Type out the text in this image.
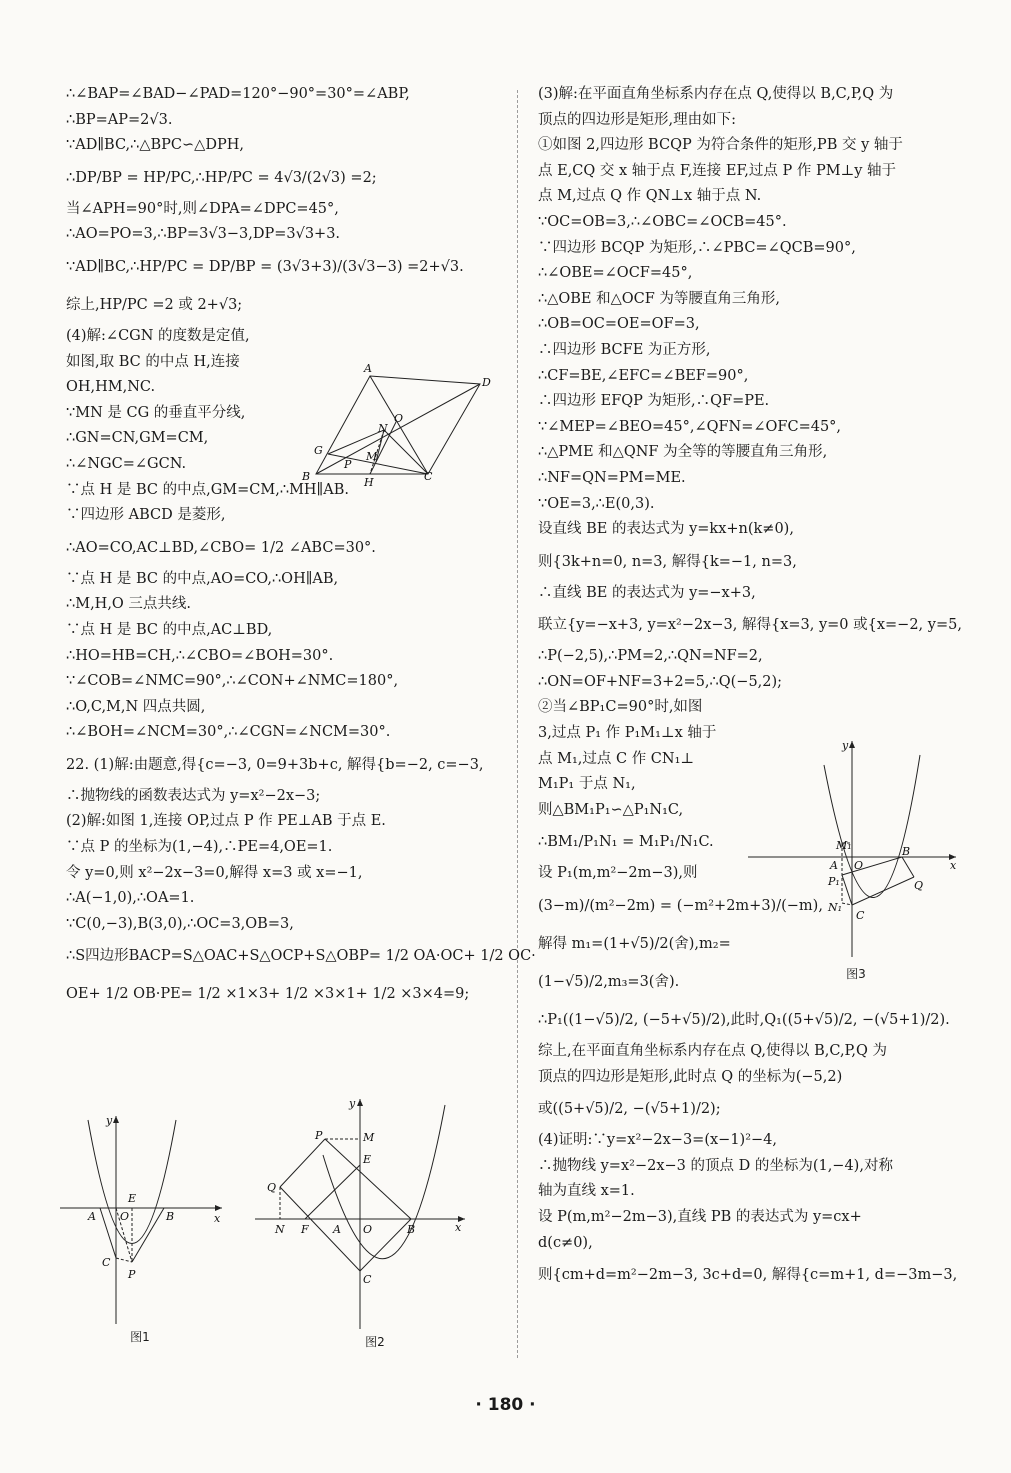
∴∠BAP=∠BAD−∠PAD=120°−90°=30°=∠ABP,
∴BP=AP=2√3.
∵AD∥BC,∴△BPC∽△DPH,
∴DP/BP = HP/PC,∴HP/PC = 4√3/(2√3) =2;
当∠APH=90°时,则∠DPA=∠DPC=45°,
∴AO=PO=3,∴BP=3√3−3,DP=3√3+3.
∵AD∥BC,∴HP/PC = DP/BP = (3√3+3)/(3√3−3) =2+√3.
综上,HP/PC =2 或 2+√3;
(4)解:∠CGN 的度数是定值,
如图,取 BC 的中点 H,连接
OH,HM,NC.
∵MN 是 CG 的垂直平分线,
∴GN=CN,GM=CM,
∴∠NGC=∠GCN.
∵点 H 是 BC 的中点,GM=CM,∴MH∥AB.
∵四边形 ABCD 是菱形,
∴AO=CO,AC⊥BD,∠CBO= 1/2 ∠ABC=30°.
∵点 H 是 BC 的中点,AO=CO,∴OH∥AB,
∴M,H,O 三点共线.
∵点 H 是 BC 的中点,AC⊥BD,
∴HO=HB=CH,∴∠CBO=∠BOH=30°.
∵∠COB=∠NMC=90°,∴∠CON+∠NMC=180°,
∴O,C,M,N 四点共圆,
∴∠BOH=∠NCM=30°,∴∠CGN=∠NCM=30°.
22. (1)解:由题意,得{c=−3, 0=9+3b+c, 解得{b=−2, c=−3,
∴抛物线的函数表达式为 y=x²−2x−3;
(2)解:如图 1,连接 OP,过点 P 作 PE⊥AB 于点 E.
∵点 P 的坐标为(1,−4),∴PE=4,OE=1.
令 y=0,则 x²−2x−3=0,解得 x=3 或 x=−1,
∴A(−1,0),∴OA=1.
∵C(0,−3),B(3,0),∴OC=3,OB=3,
∴S四边形BACP=S△OAC+S△OCP+S△OBP= 1/2 OA·OC+ 1/2 OC·
OE+ 1/2 OB·PE= 1/2 ×1×3+ 1/2 ×3×1+ 1/2 ×3×4=9;
A
D
O
N
G
P
M
B	H	C
y
x
E
A O	B
C
P
图1
y
x
P	M
E
Q
N F A O	B
C
图2
(3)解:在平面直角坐标系内存在点 Q,使得以 B,C,P,Q 为
顶点的四边形是矩形,理由如下:
①如图 2,四边形 BCQP 为符合条件的矩形,PB 交 y 轴于
点 E,CQ 交 x 轴于点 F,连接 EF,过点 P 作 PM⊥y 轴于
点 M,过点 Q 作 QN⊥x 轴于点 N.
∵OC=OB=3,∴∠OBC=∠OCB=45°.
∵四边形 BCQP 为矩形,∴∠PBC=∠QCB=90°,
∴∠OBE=∠OCF=45°,
∴△OBE 和△OCF 为等腰直角三角形,
∴OB=OC=OE=OF=3,
∴四边形 BCFE 为正方形,
∴CF=BE,∠EFC=∠BEF=90°,
∴四边形 EFQP 为矩形,∴QF=PE.
∵∠MEP=∠BEO=45°,∠QFN=∠OFC=45°,
∴△PME 和△QNF 为全等的等腰直角三角形,
∴NF=QN=PM=ME.
∵OE=3,∴E(0,3).
设直线 BE 的表达式为 y=kx+n(k≠0),
则{3k+n=0, n=3, 解得{k=−1, n=3,
∴直线 BE 的表达式为 y=−x+3,
联立{y=−x+3, y=x²−2x−3, 解得{x=3, y=0 或{x=−2, y=5,
∴P(−2,5),∴PM=2,∴QN=NF=2,
∴ON=OF+NF=3+2=5,∴Q(−5,2);
②当∠BP₁C=90°时,如图
3,过点 P₁ 作 P₁M₁⊥x 轴于
点 M₁,过点 C 作 CN₁⊥
M₁P₁ 于点 N₁,
则△BM₁P₁∽△P₁N₁C,
∴BM₁/P₁N₁ = M₁P₁/N₁C.
设 P₁(m,m²−2m−3),则
(3−m)/(m²−2m) = (−m²+2m+3)/(−m),
解得 m₁=(1+√5)/2(舍),m₂=
(1−√5)/2,m₃=3(舍).
∴P₁((1−√5)/2, (−5+√5)/2),此时,Q₁((5+√5)/2, −(√5+1)/2).
综上,在平面直角坐标系内存在点 Q,使得以 B,C,P,Q 为
顶点的四边形是矩形,此时点 Q 的坐标为(−5,2)
或((5+√5)/2, −(√5+1)/2);
(4)证明:∵y=x²−2x−3=(x−1)²−4,
∴抛物线 y=x²−2x−3 的顶点 D 的坐标为(1,−4),对称
轴为直线 x=1.
设 P(m,m²−2m−3),直线 PB 的表达式为 y=cx+
d(c≠0),
则{cm+d=m²−2m−3, 3c+d=0, 解得{c=m+1, d=−3m−3,
y
x
M₁
A O
B
P₁	Q
N₁
C
图3
· 180 ·
